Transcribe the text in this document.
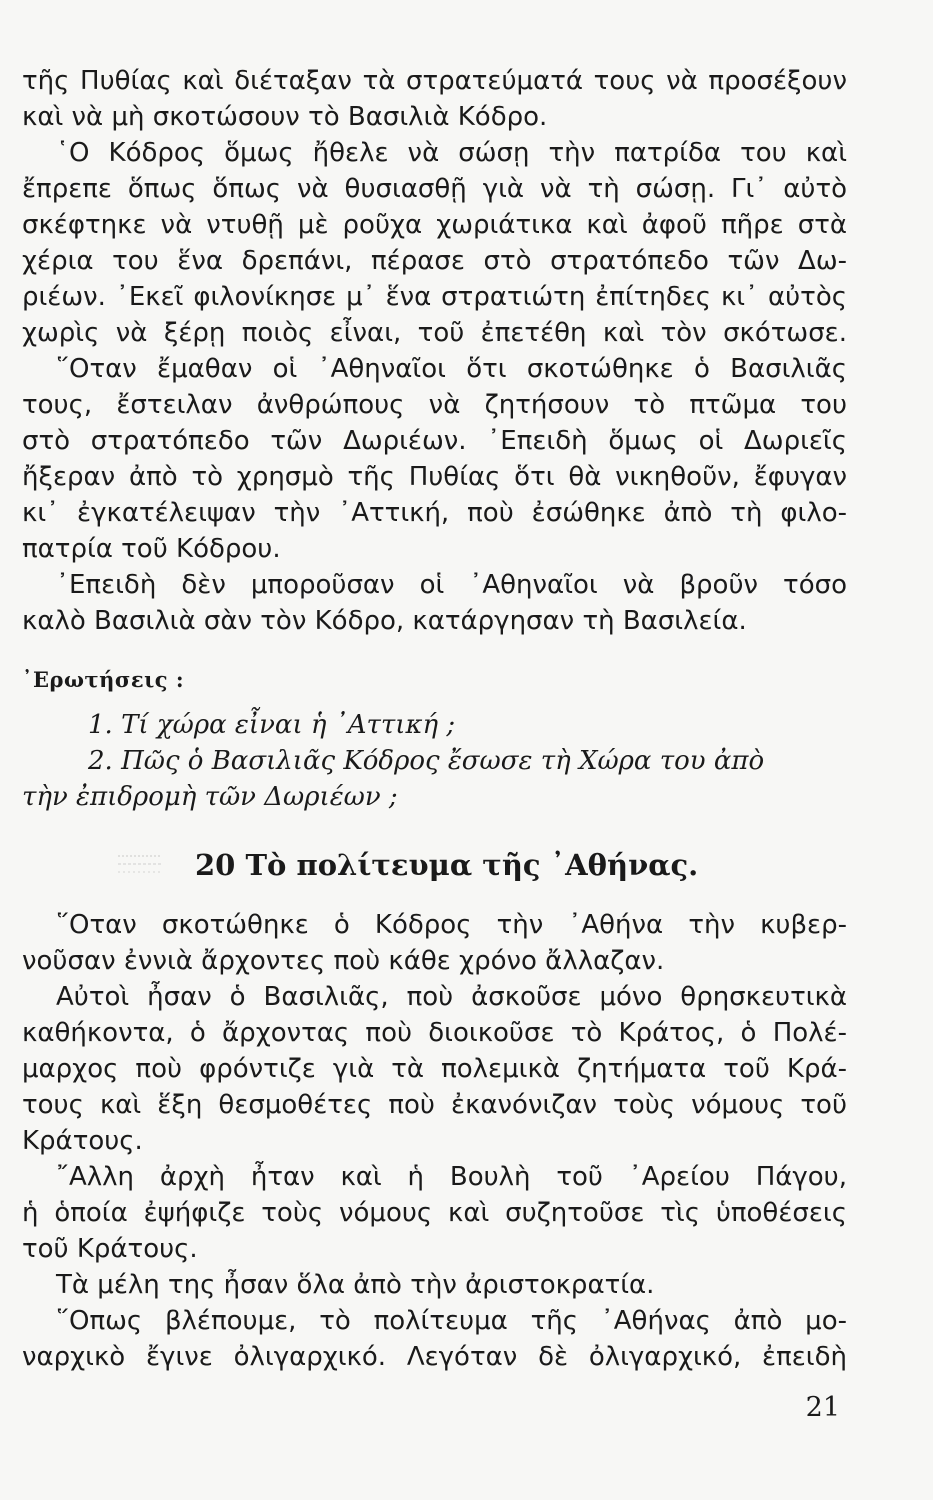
τῆς Πυθίας καὶ διέταξαν τὰ στρατεύματά τους νὰ προσέξουν
καὶ νὰ μὴ σκοτώσουν τὸ Βασιλιὰ Κόδρο.
῾Ο Κόδρος ὅμως ἤθελε νὰ σώσῃ τὴν πατρίδα του καὶ
ἔπρεπε ὅπως ὅπως νὰ θυσιασθῇ γιὰ νὰ τὴ σώσῃ. Γι᾿ αὐτὸ
σκέφτηκε νὰ ντυθῇ μὲ ροῦχα χωριάτικα καὶ ἀφοῦ πῆρε στὰ
χέρια του ἕνα δρεπάνι, πέρασε στὸ στρατόπεδο τῶν Δω-
ριέων. ᾿Εκεῖ φιλονίκησε μ᾿ ἕνα στρατιώτη ἐπίτηδες κι᾿ αὐτὸς
χωρὶς νὰ ξέρῃ ποιὸς εἶναι, τοῦ ἐπετέθη καὶ τὸν σκότωσε.
῞Οταν ἔμαθαν οἱ ᾿Αθηναῖοι ὅτι σκοτώθηκε ὁ Βασιλιᾶς
τους, ἔστειλαν ἀνθρώπους νὰ ζητήσουν τὸ πτῶμα του
στὸ στρατόπεδο τῶν Δωριέων. ᾿Επειδὴ ὅμως οἱ Δωριεῖς
ἤξεραν ἀπὸ τὸ χρησμὸ τῆς Πυθίας ὅτι θὰ νικηθοῦν, ἔφυγαν
κι᾿ ἐγκατέλειψαν τὴν ᾿Αττική, ποὺ ἐσώθηκε ἀπὸ τὴ φιλο-
πατρία τοῦ Κόδρου.
᾿Επειδὴ δὲν μποροῦσαν οἱ ᾿Αθηναῖοι νὰ βροῦν τόσο
καλὸ Βασιλιὰ σὰν τὸν Κόδρο, κατάργησαν τὴ Βασιλεία.
᾿Ερωτήσεις :
1. Τί χώρα εἶναι ἡ ᾿Αττική ;
2. Πῶς ὁ Βασιλιᾶς Κόδρος ἔσωσε τὴ Χώρα του ἀπὸ
τὴν ἐπιδρομὴ τῶν Δωριέων ;
20 Τὸ πολίτευμα τῆς ᾿Αθήνας.
῞Οταν σκοτώθηκε ὁ Κόδρος τὴν ᾿Αθήνα τὴν κυβερ-
νοῦσαν ἐννιὰ ἄρχοντες ποὺ κάθε χρόνο ἄλλαζαν.
Αὐτοὶ ἦσαν ὁ Βασιλιᾶς, ποὺ ἀσκοῦσε μόνο θρησκευτικὰ
καθήκοντα, ὁ ἄρχοντας ποὺ διοικοῦσε τὸ Κράτος, ὁ Πολέ-
μαρχος ποὺ φρόντιζε γιὰ τὰ πολεμικὰ ζητήματα τοῦ Κρά-
τους καὶ ἕξη θεσμοθέτες ποὺ ἐκανόνιζαν τοὺς νόμους τοῦ
Κράτους.
῎Αλλη ἀρχὴ ἦταν καὶ ἡ Βουλὴ τοῦ ᾿Αρείου Πάγου,
ἡ ὁποία ἐψήφιζε τοὺς νόμους καὶ συζητοῦσε τὶς ὑποθέσεις
τοῦ Κράτους.
Τὰ μέλη της ἦσαν ὅλα ἀπὸ τὴν ἀριστοκρατία.
῞Οπως βλέπουμε, τὸ πολίτευμα τῆς ᾿Αθήνας ἀπὸ μο-
ναρχικὸ ἔγινε ὀλιγαρχικό. Λεγόταν δὲ ὀλιγαρχικό, ἐπειδὴ
21
